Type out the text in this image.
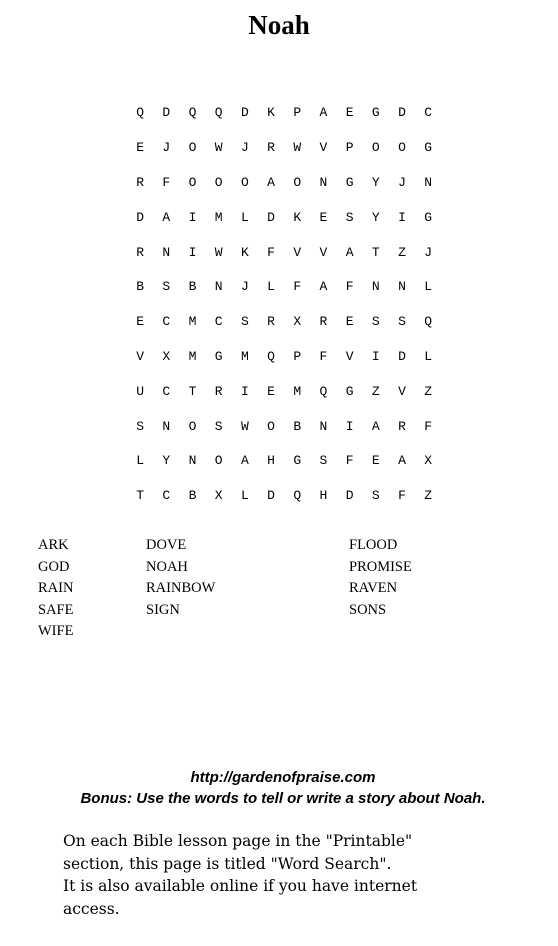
Noah
Q	D	Q	Q	D	K	P	A	E	G	D	C
E	J	O	W	J	R	W	V	P	O	O	G
R	F	O	O	O	A	O	N	G	Y	J	N
D	A	I	M	L	D	K	E	S	Y	I	G
R	N	I	W	K	F	V	V	A	T	Z	J
B	S	B	N	J	L	F	A	F	N	N	L
E	C	M	C	S	R	X	R	E	S	S	Q
V	X	M	G	M	Q	P	F	V	I	D	L
U	C	T	R	I	E	M	Q	G	Z	V	Z
S	N	O	S	W	O	B	N	I	A	R	F
L	Y	N	O	A	H	G	S	F	E	A	X
T	C	B	X	L	D	Q	H	D	S	F	Z
ARK
GOD
RAIN
SAFE
WIFE
DOVE
NOAH
RAINBOW
SIGN
FLOOD
PROMISE
RAVEN
SONS
http://gardenofpraise.com
Bonus: Use the words to tell or write a story about Noah.
On each Bible lesson page in the "Printable"
section, this page is titled "Word Search".
It is also available online if you have internet
access.
